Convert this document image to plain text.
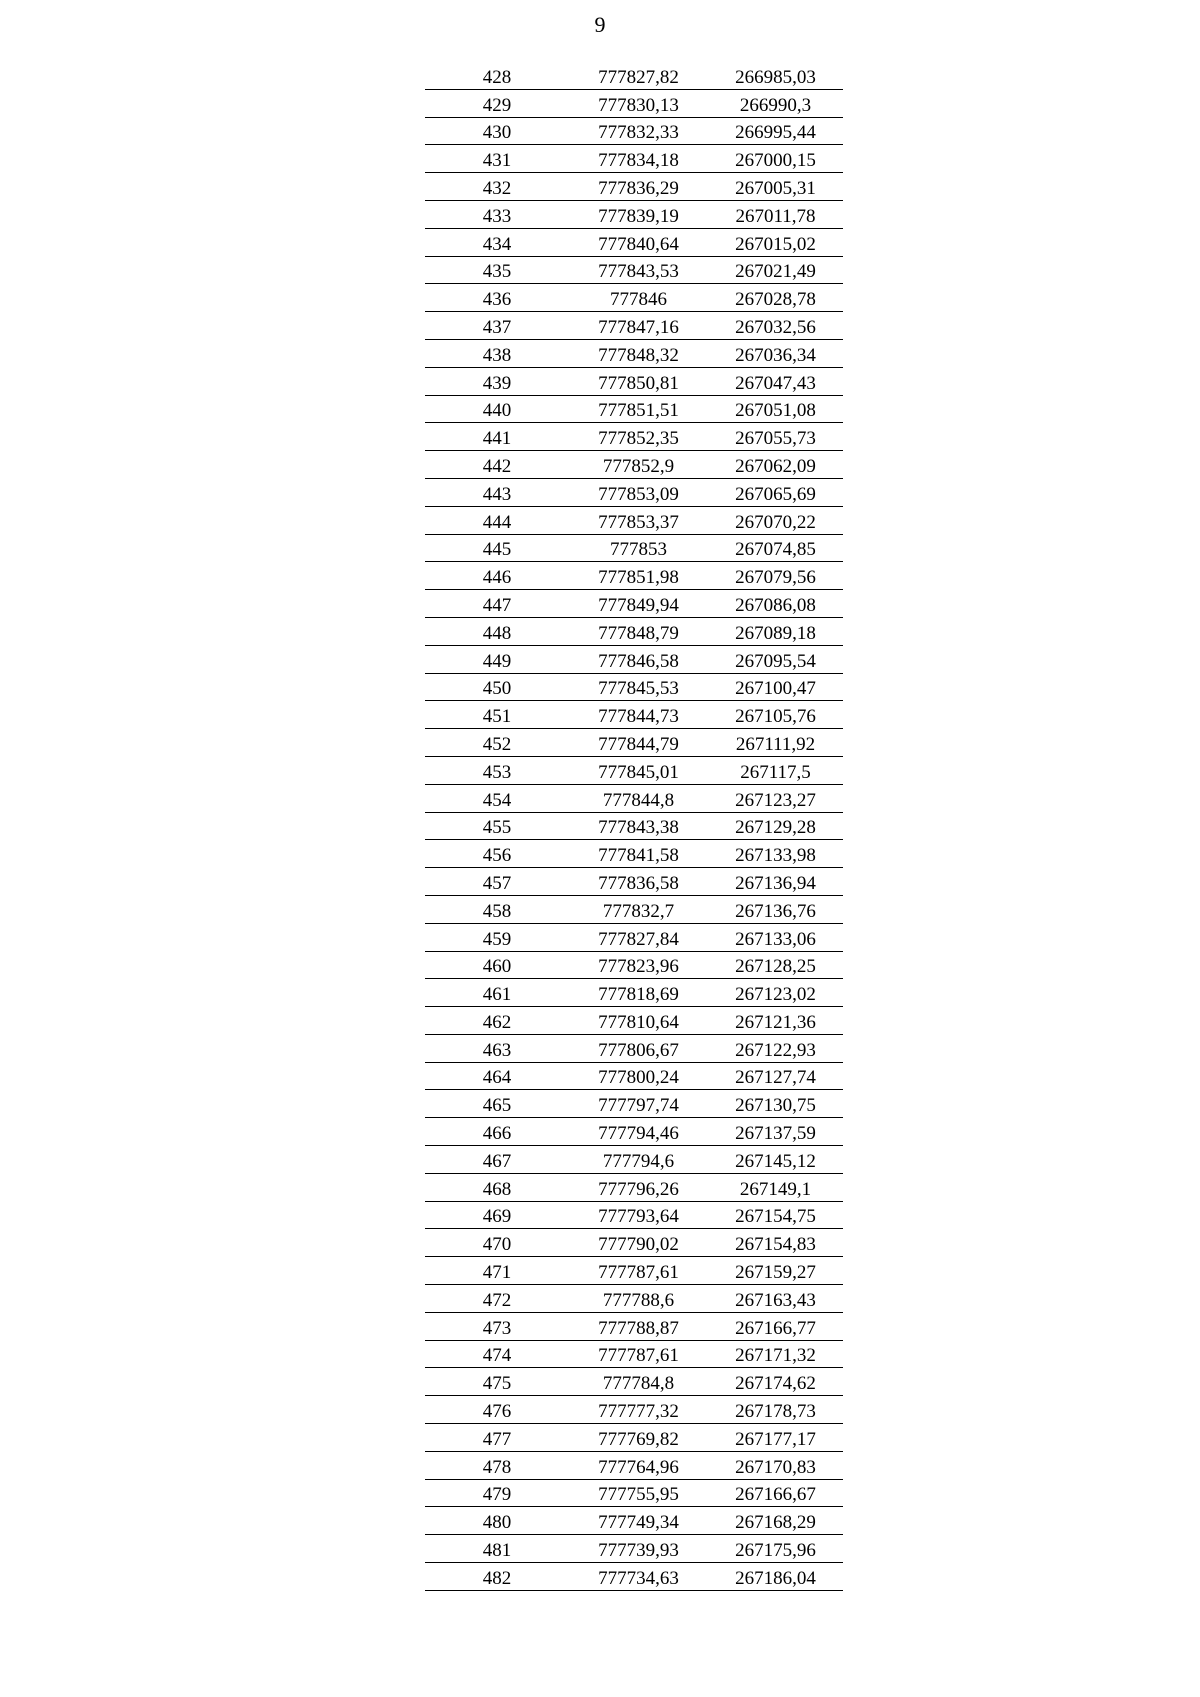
9
428	777827,82	266985,03
429	777830,13	266990,3
430	777832,33	266995,44
431	777834,18	267000,15
432	777836,29	267005,31
433	777839,19	267011,78
434	777840,64	267015,02
435	777843,53	267021,49
436	777846	267028,78
437	777847,16	267032,56
438	777848,32	267036,34
439	777850,81	267047,43
440	777851,51	267051,08
441	777852,35	267055,73
442	777852,9	267062,09
443	777853,09	267065,69
444	777853,37	267070,22
445	777853	267074,85
446	777851,98	267079,56
447	777849,94	267086,08
448	777848,79	267089,18
449	777846,58	267095,54
450	777845,53	267100,47
451	777844,73	267105,76
452	777844,79	267111,92
453	777845,01	267117,5
454	777844,8	267123,27
455	777843,38	267129,28
456	777841,58	267133,98
457	777836,58	267136,94
458	777832,7	267136,76
459	777827,84	267133,06
460	777823,96	267128,25
461	777818,69	267123,02
462	777810,64	267121,36
463	777806,67	267122,93
464	777800,24	267127,74
465	777797,74	267130,75
466	777794,46	267137,59
467	777794,6	267145,12
468	777796,26	267149,1
469	777793,64	267154,75
470	777790,02	267154,83
471	777787,61	267159,27
472	777788,6	267163,43
473	777788,87	267166,77
474	777787,61	267171,32
475	777784,8	267174,62
476	777777,32	267178,73
477	777769,82	267177,17
478	777764,96	267170,83
479	777755,95	267166,67
480	777749,34	267168,29
481	777739,93	267175,96
482	777734,63	267186,04
